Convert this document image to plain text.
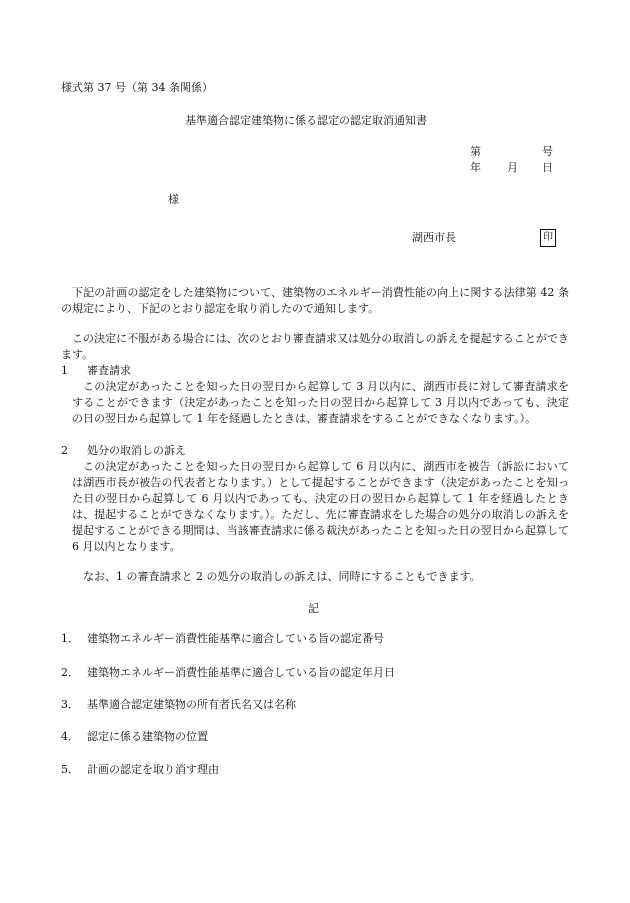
様式第 37 号（第 34 条関係）

基準適合認定建築物に係る認定の認定取消通知書

第	号

年 月 日

様

湖西市長	印

下記の計画の認定をした建築物について、建築物のエネルギー消費性能の向上に関する法律第 42 条の規定により、下記のとおり認定を取り消したので通知します。

この決定に不服がある場合には、次のとおり審査請求又は処分の取消しの訴えを提起することができます。

1 審査請求

この決定があったことを知った日の翌日から起算して 3 月以内に、湖西市長に対して審査請求をすることができます（決定があったことを知った日の翌日から起算して 3 月以内であっても、決定の日の翌日から起算して 1 年を経過したときは、審査請求をすることができなくなります。）。

2 処分の取消しの訴え

この決定があったことを知った日の翌日から起算して 6 月以内に、湖西市を被告（訴訟においては湖西市長が被告の代表者となります。）として提起することができます（決定があったことを知った日の翌日から起算して 6 月以内であっても、決定の日の翌日から起算して 1 年を経過したときは、提起することができなくなります。）。ただし、先に審査請求をした場合の処分の取消しの訴えを提起することができる期間は、当該審査請求に係る裁決があったことを知った日の翌日から起算して 6 月以内となります。

なお、1 の審査請求と 2 の処分の取消しの訴えは、同時にすることもできます。

記

1． 建築物エネルギー消費性能基準に適合している旨の認定番号

2． 建築物エネルギー消費性能基準に適合している旨の認定年月日

3． 基準適合認定建築物の所有者氏名又は名称

4． 認定に係る建築物の位置

5． 計画の認定を取り消す理由
